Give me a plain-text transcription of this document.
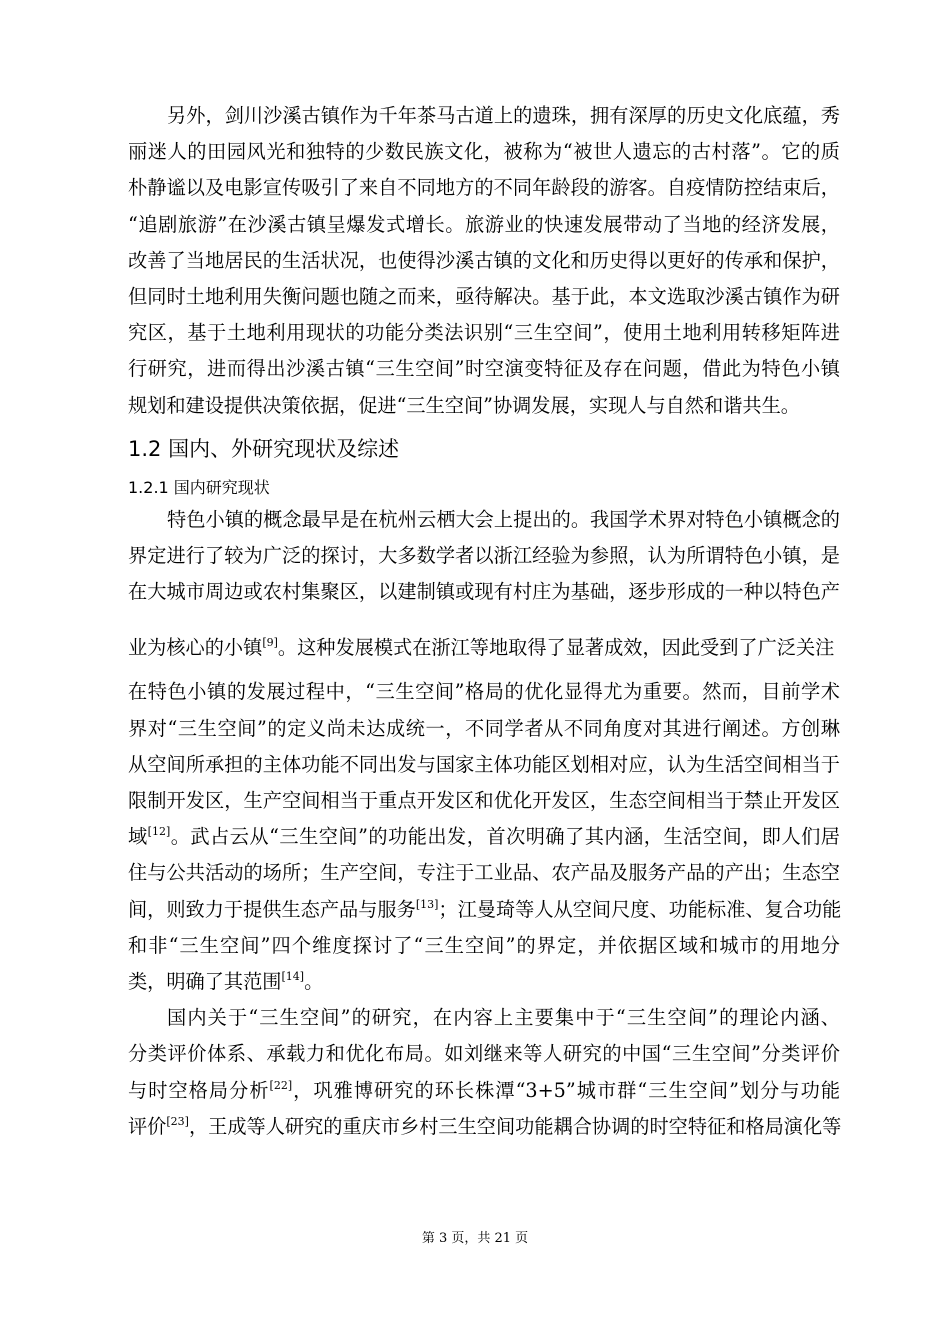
另外，剑川沙溪古镇作为千年茶马古道上的遗珠，拥有深厚的历史文化底蕴，秀
丽迷人的田园风光和独特的少数民族文化，被称为“被世人遗忘的古村落”。它的质
朴静谧以及电影宣传吸引了来自不同地方的不同年龄段的游客。自疫情防控结束后，
“追剧旅游”在沙溪古镇呈爆发式增长。旅游业的快速发展带动了当地的经济发展，
改善了当地居民的生活状况，也使得沙溪古镇的文化和历史得以更好的传承和保护，
但同时土地利用失衡问题也随之而来，亟待解决。基于此，本文选取沙溪古镇作为研
究区，基于土地利用现状的功能分类法识别“三生空间”，使用土地利用转移矩阵进
行研究，进而得出沙溪古镇“三生空间”时空演变特征及存在问题，借此为特色小镇
规划和建设提供决策依据，促进“三生空间”协调发展，实现人与自然和谐共生。
1.2 国内、外研究现状及综述
1.2.1 国内研究现状
特色小镇的概念最早是在杭州云栖大会上提出的。我国学术界对特色小镇概念的
界定进行了较为广泛的探讨，大多数学者以浙江经验为参照，认为所谓特色小镇，是
在大城市周边或农村集聚区，以建制镇或现有村庄为基础，逐步形成的一种以特色产
业为核心的小镇[9]。这种发展模式在浙江等地取得了显著成效，因此受到了广泛关注
在特色小镇的发展过程中，“三生空间”格局的优化显得尤为重要。然而，目前学术
界对“三生空间”的定义尚未达成统一，不同学者从不同角度对其进行阐述。方创琳
从空间所承担的主体功能不同出发与国家主体功能区划相对应，认为生活空间相当于
限制开发区，生产空间相当于重点开发区和优化开发区，生态空间相当于禁止开发区
域[12]。武占云从“三生空间”的功能出发，首次明确了其内涵，生活空间，即人们居
住与公共活动的场所；生产空间，专注于工业品、农产品及服务产品的产出；生态空
间，则致力于提供生态产品与服务[13]；江曼琦等人从空间尺度、功能标准、复合功能
和非“三生空间”四个维度探讨了“三生空间”的界定，并依据区域和城市的用地分
类，明确了其范围[14]。
国内关于“三生空间”的研究，在内容上主要集中于“三生空间”的理论内涵、
分类评价体系、承载力和优化布局。如刘继来等人研究的中国“三生空间”分类评价
与时空格局分析[22]，巩雅博研究的环长株潭“3+5”城市群“三生空间”划分与功能
评价[23]，王成等人研究的重庆市乡村三生空间功能耦合协调的时空特征和格局演化等
第 3 页，共 21 页
